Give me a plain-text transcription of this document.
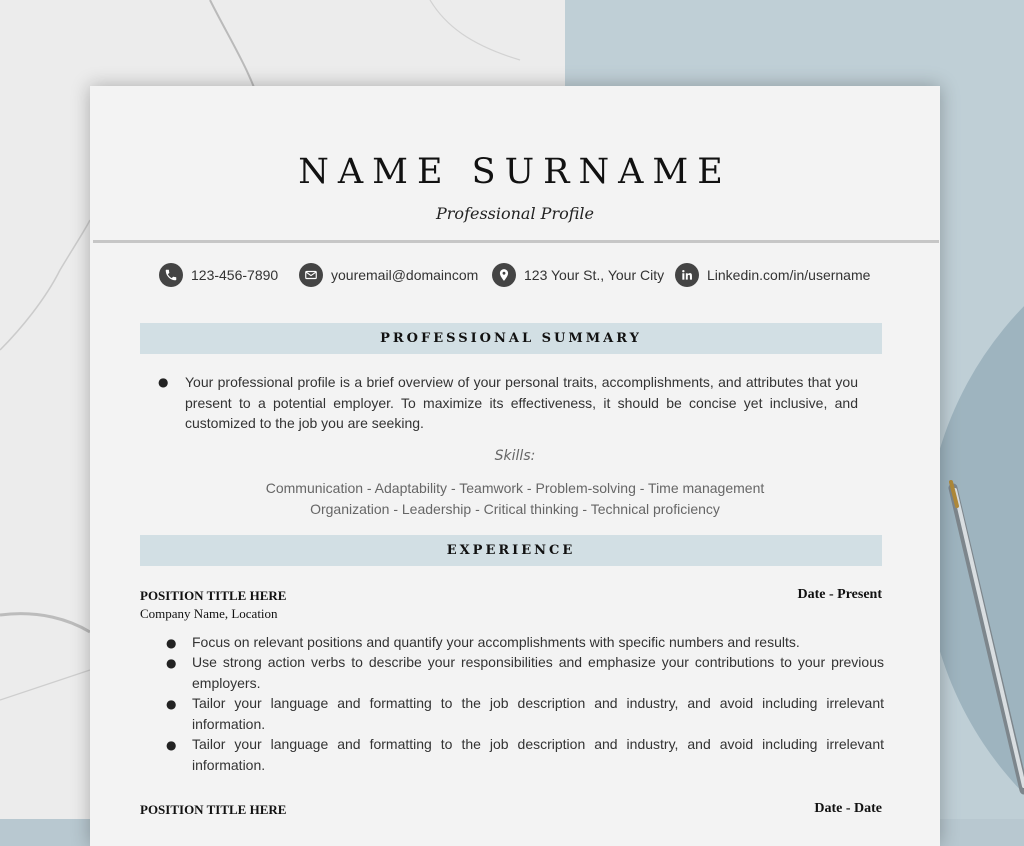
NAME SURNAME
Professional Profile
123-456-7890	youremail@domaincom	123 Your St., Your City	Linkedin.com/in/username
PROFESSIONAL SUMMARY
● Your professional profile is a brief overview of your personal traits, accomplishments, and attributes that you present to a potential employer. To maximize its effectiveness, it should be concise yet inclusive, and customized to the job you are seeking.
Skills:
Communication - Adaptability - Teamwork - Problem-solving - Time management
Organization - Leadership - Critical thinking - Technical proficiency
EXPERIENCE
POSITION TITLE HERE	Date - Present
Company Name, Location
● Focus on relevant positions and quantify your accomplishments with specific numbers and results.
● Use strong action verbs to describe your responsibilities and emphasize your contributions to your previous employers.
● Tailor your language and formatting to the job description and industry, and avoid including irrelevant information.
● Tailor your language and formatting to the job description and industry, and avoid including irrelevant information.
POSITION TITLE HERE	Date - Date
